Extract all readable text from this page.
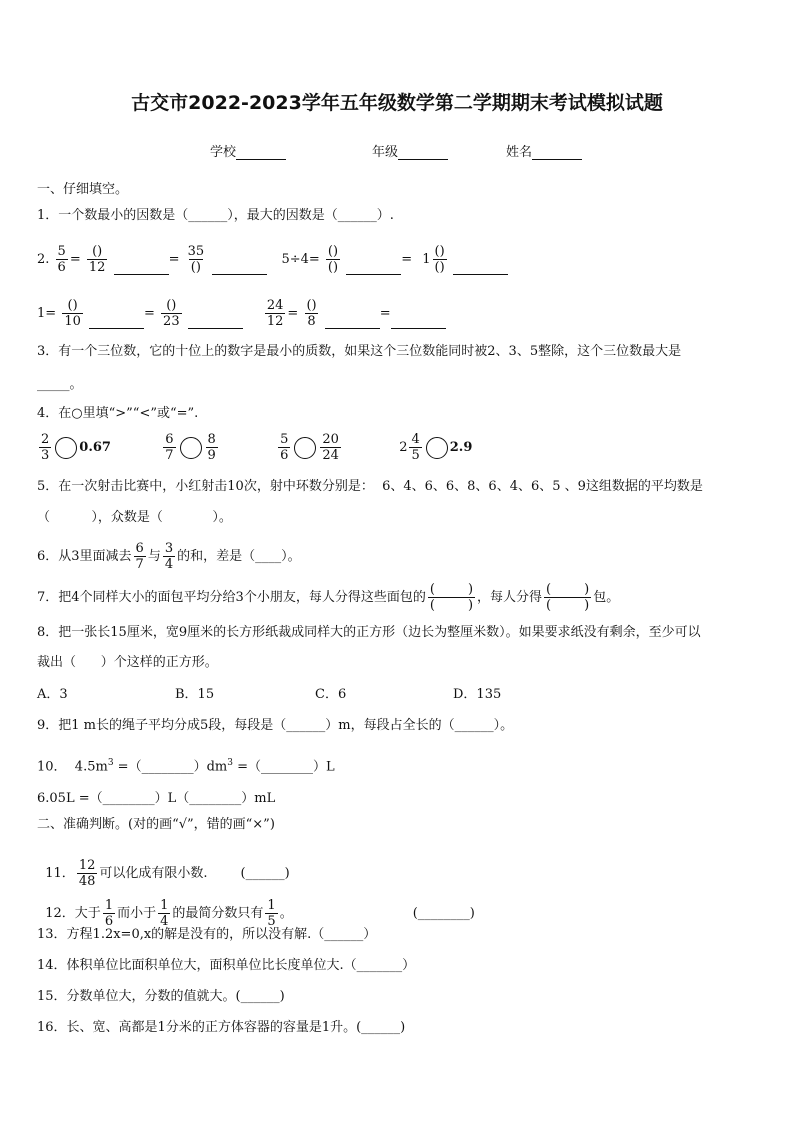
古交市2022-2023学年五年级数学第二学期期末考试模拟试题
学校	年级	姓名
一、仔细填空。
1．一个数最小的因数是（______），最大的因数是（______）.
2. $\frac{5}{6}$ =
()
12
=
35
()
5÷4=
()
()
= 1
()
()

1=
()
10
=
()
23
	$\frac{24}{12}$ =
()
8
=
3．有一个三位数，它的十位上的数字是最小的质数，如果这个三位数能同时被2、3、5整除，这个三位数最大是
_____。
4．在○里填“>”“<”或“=”.
$\frac{2}{3} 0.67$	$\frac{6}{7} \frac{8}{9}$
	$\frac{5}{6} \frac{20}{24}$	$2 \frac{4}{5} 2.9$
5．在一次射击比赛中，小红射击10次，射中环数分别是：  6、4、6、6、8、6、4、6、5 、9这组数据的平均数是
（          ），众数是（            ）。
6．从3里面减去 $\frac{6}{7}$ 与 $\frac{3}{4}$ 的和，差是（____）。
7．把4个同样大小的面包平均分给3个小朋友，每人分得这些面包的
(        )
(        )
，每人分得
(        )
(        )
包。
8．把一张长15厘米，宽9厘米的长方形纸裁成同样大的正方形（边长为整厘米数）。如果要求纸没有剩余，至少可以
裁出（      ）个这样的正方形。
A．3	B．15	C．6	D．135
9．把1 m长的绳子平均分成5段，每段是（______）m，每段占全长的（______）。
10．  $4.5m^3$ $=(\_\_\_\_\_\_\_\_)dm^3$ =（________）L
6.05L =（________）L（________）mL
二、准确判断。(对的画“√”，错的画“×”)

11． $\frac{12}{48}$ 可以化成有限小数.        (______)

12．大于 $\frac{1}{6}$ 而小于 $\frac{1}{4}$ 的最简分数只有 $\frac{1}{5}$ 。	(________)

13．方程1.2x=0,x的解是没有的，所以没有解.（______）
14．体积单位比面积单位大，面积单位比长度单位大.（_______）
15．分数单位大，分数的值就大。(______)
16．长、宽、高都是1分米的正方体容器的容量是1升。(______)
